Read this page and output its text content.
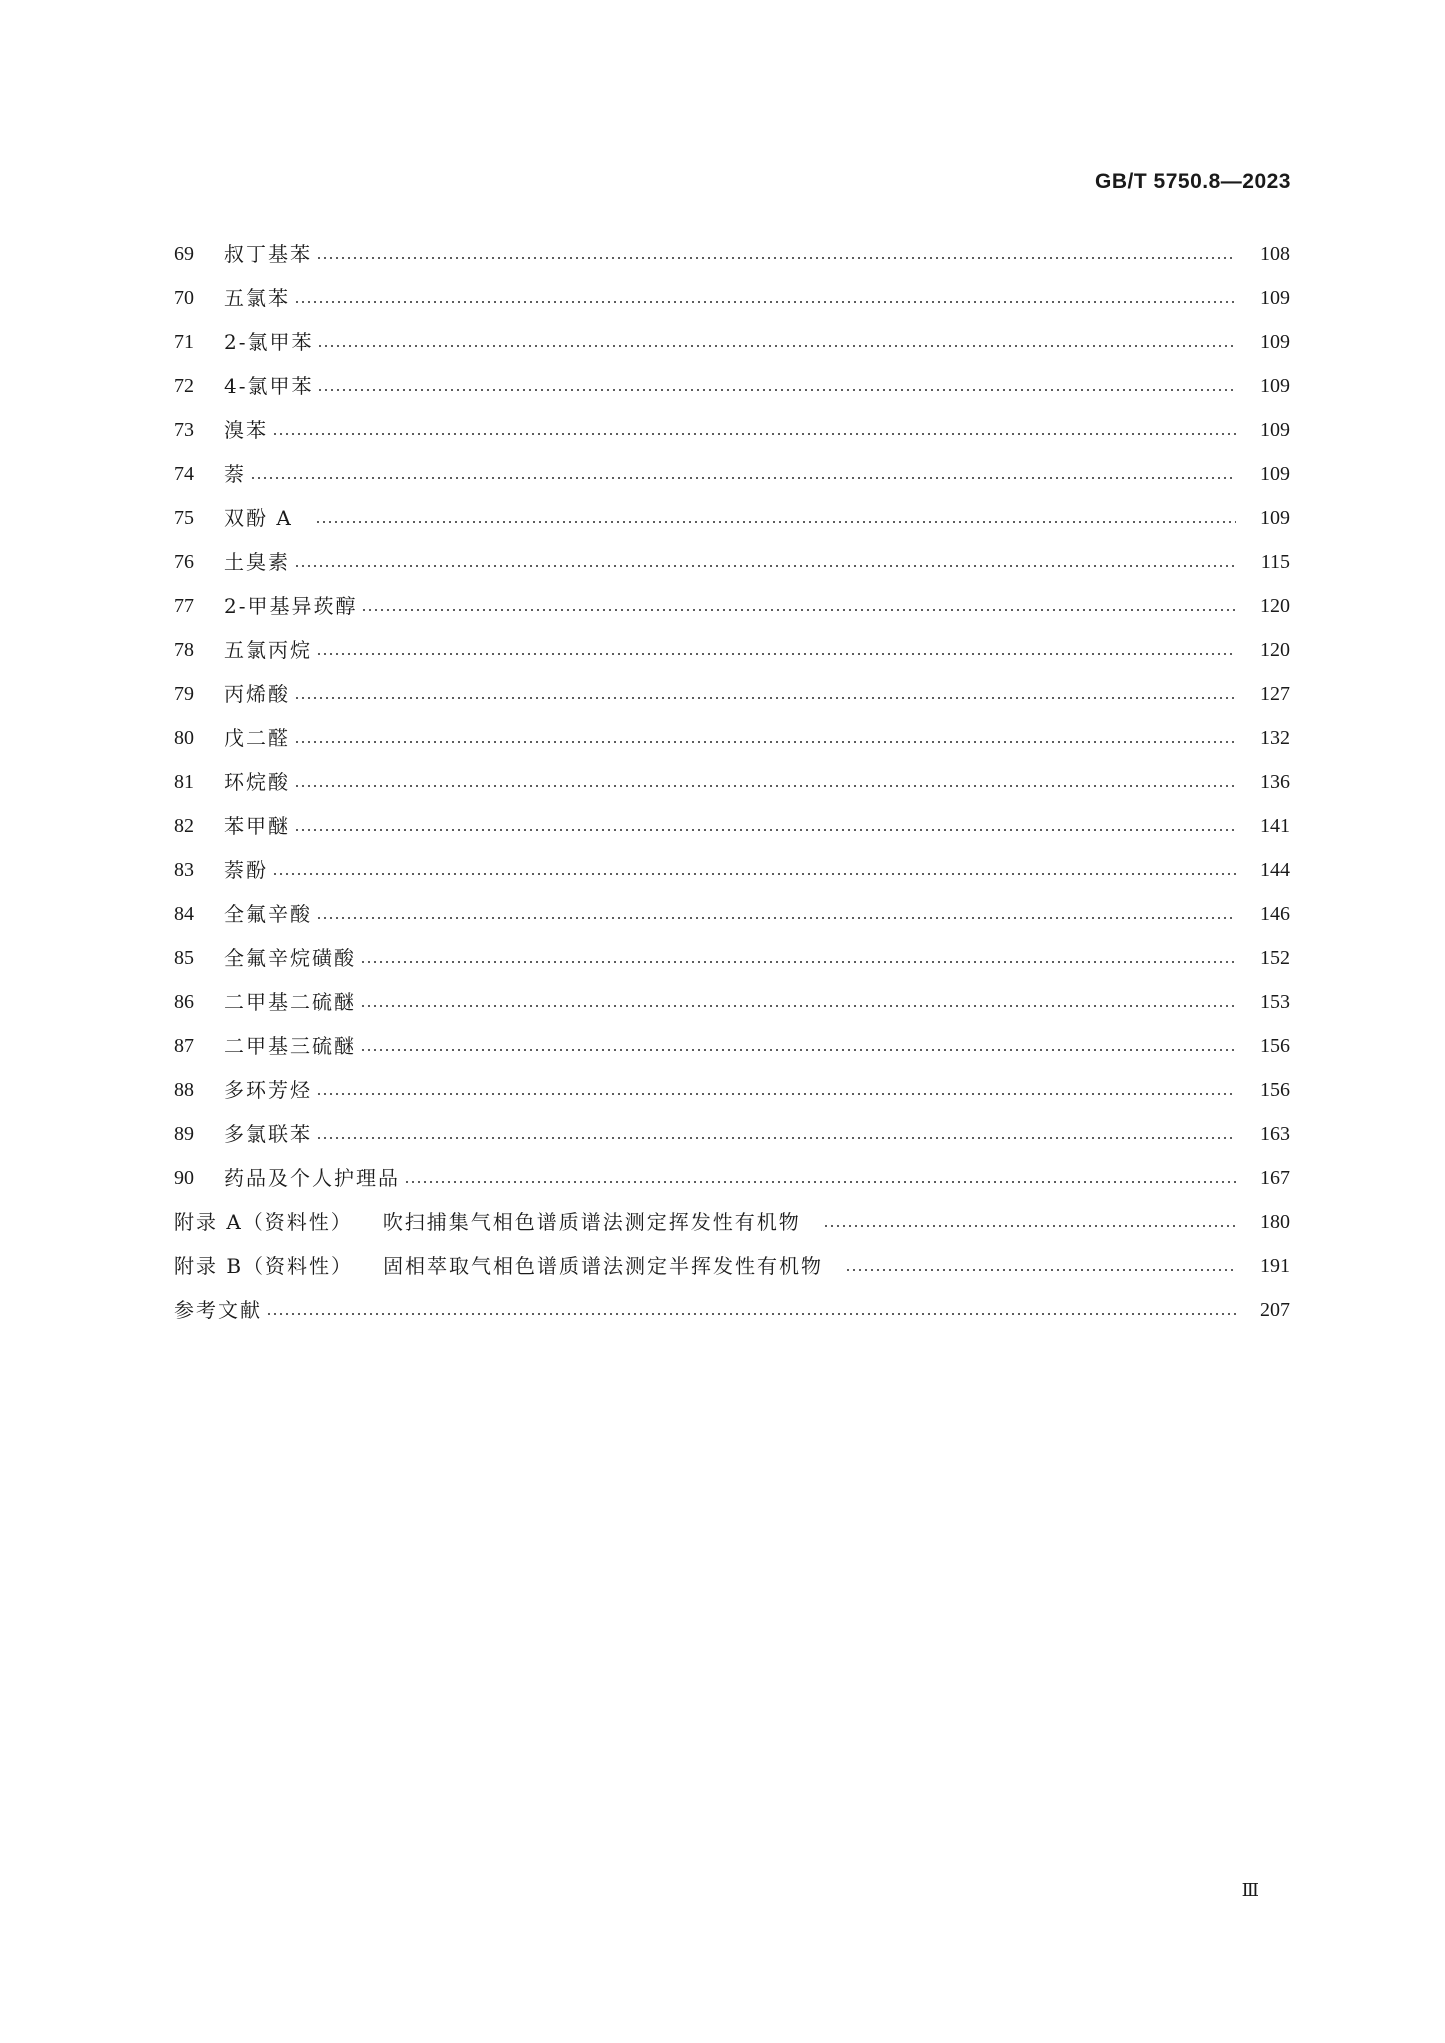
GB/T 5750.8—2023
69	叔丁基苯	108
70	五氯苯	109
71	2-氯甲苯	109
72	4-氯甲苯	109
73	溴苯	109
74	萘	109
75	双酚 A	109
76	土臭素	115
77	2-甲基异莰醇	120
78	五氯丙烷	120
79	丙烯酸	127
80	戊二醛	132
81	环烷酸	136
82	苯甲醚	141
83	萘酚	144
84	全氟辛酸	146
85	全氟辛烷磺酸	152
86	二甲基二硫醚	153
87	二甲基三硫醚	156
88	多环芳烃	156
89	多氯联苯	163
90	药品及个人护理品	167
附录 A（资料性） 吹扫捕集气相色谱质谱法测定挥发性有机物	180
附录 B（资料性） 固相萃取气相色谱质谱法测定半挥发性有机物	191
参考文献	207
Ⅲ
